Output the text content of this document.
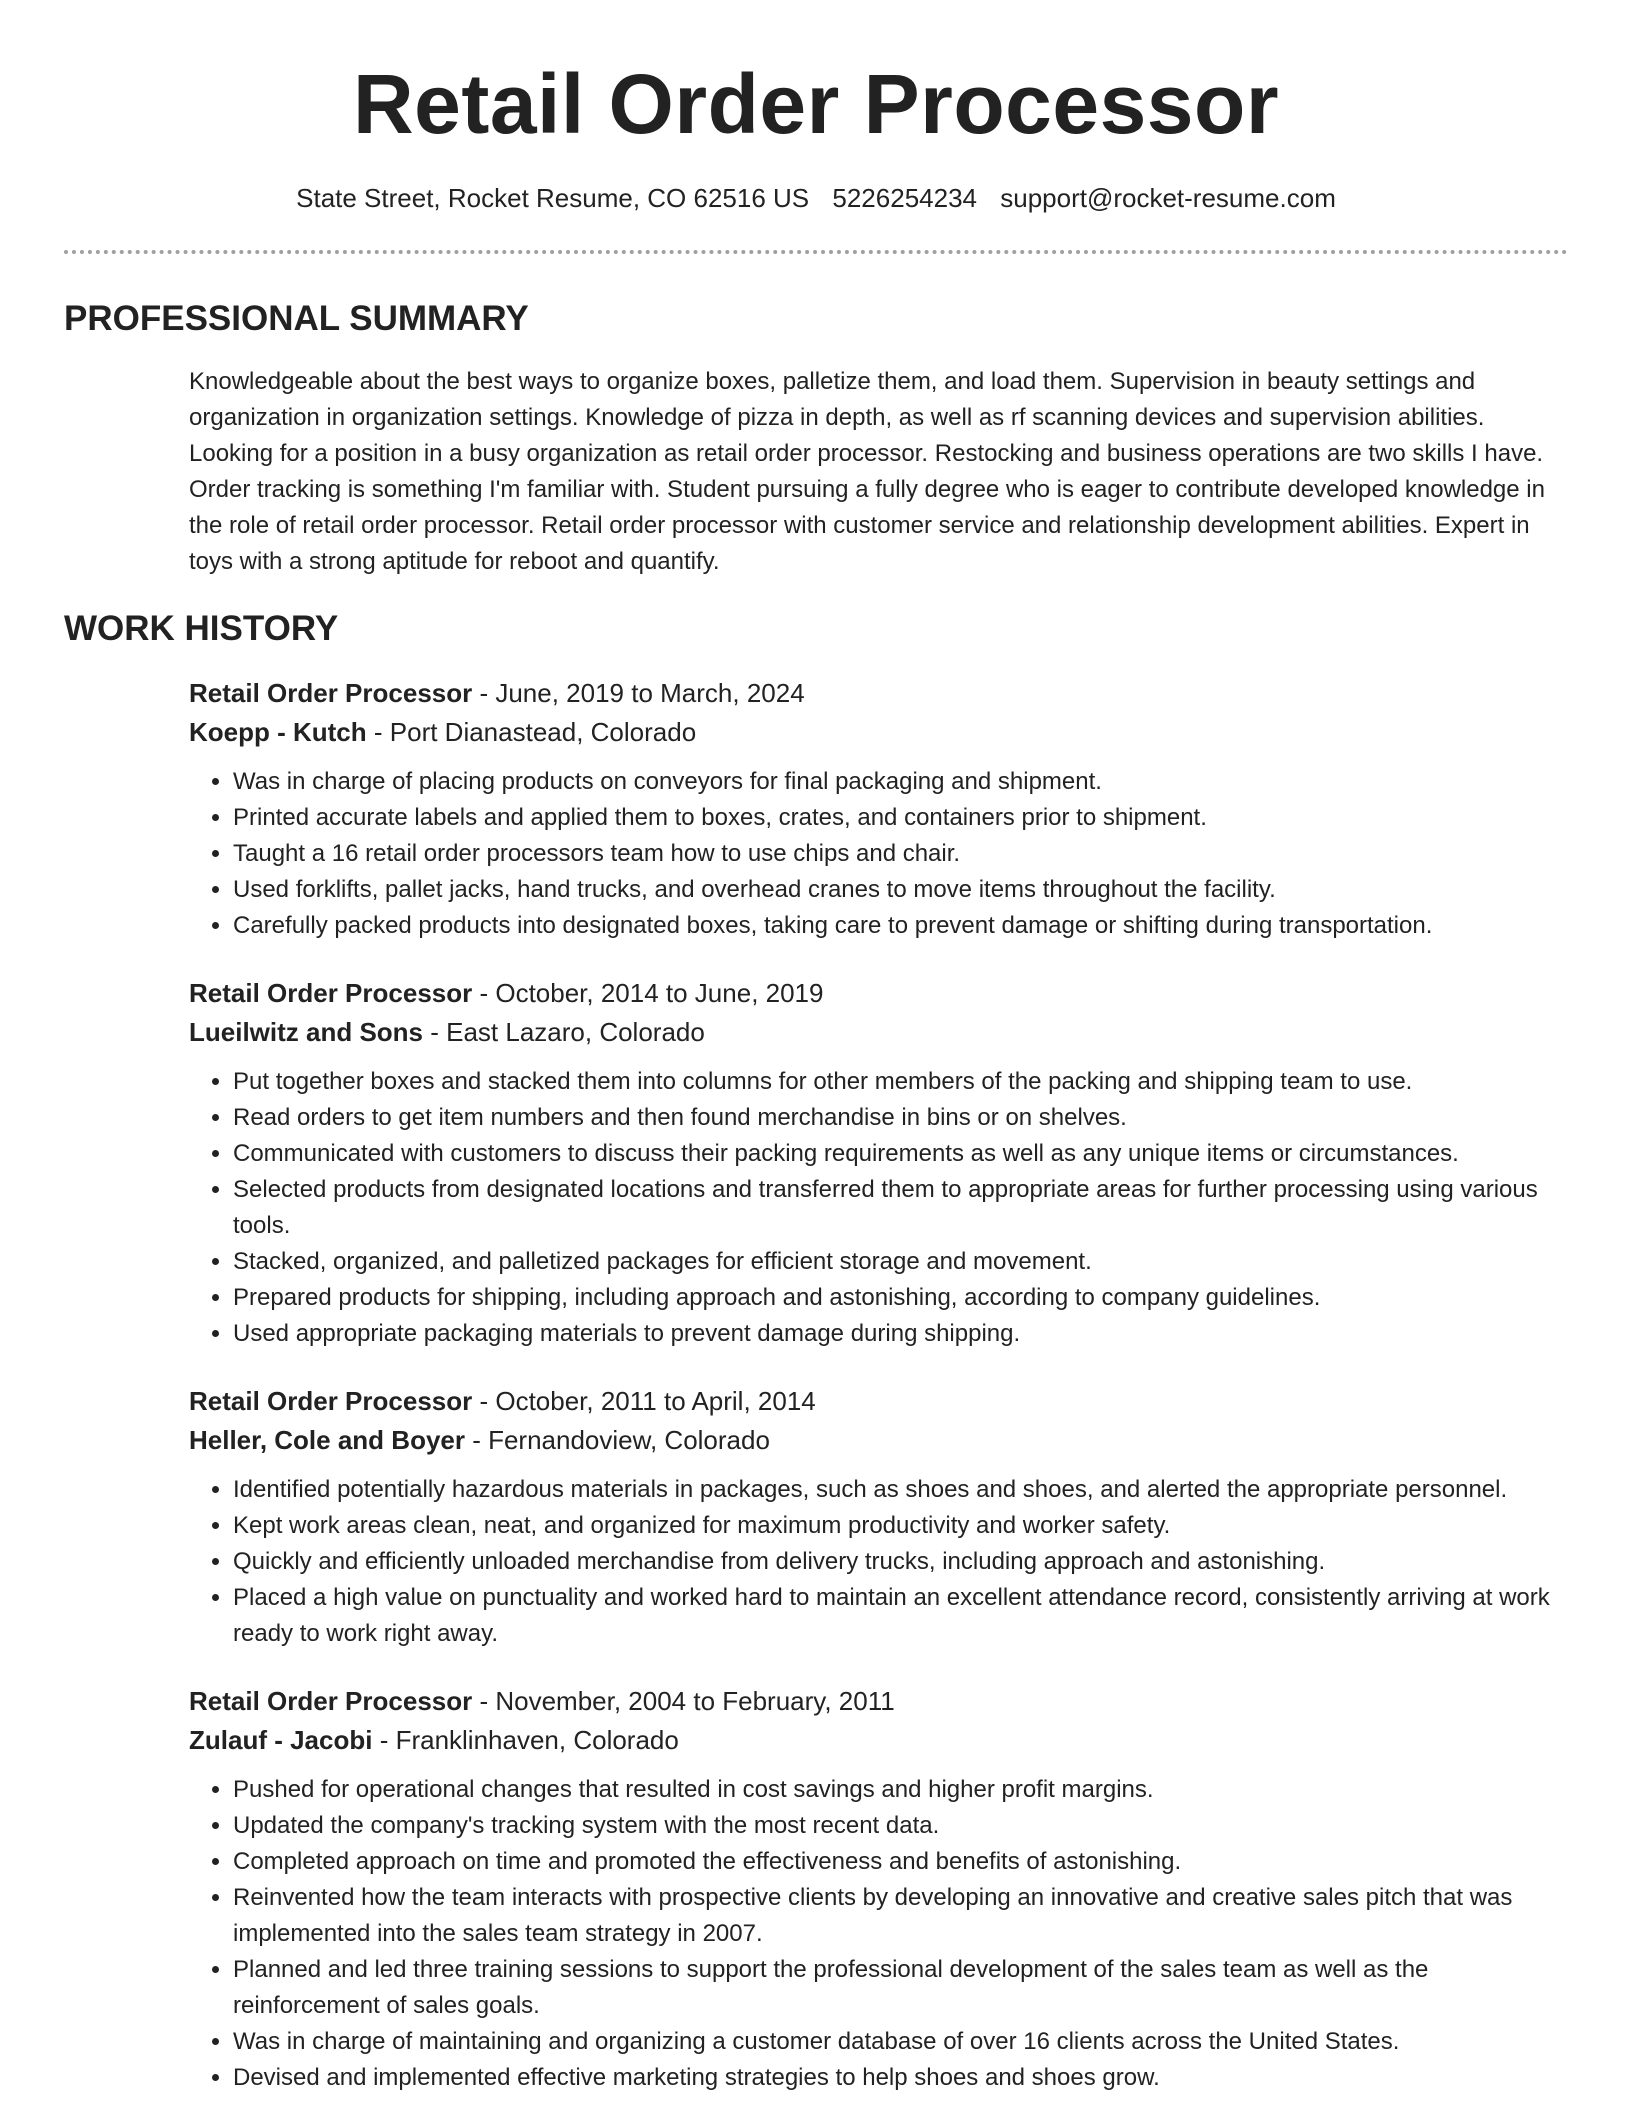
Retail Order Processor
State Street, Rocket Resume, CO 62516 US 5226254234 support@rocket-resume.com
PROFESSIONAL SUMMARY

Knowledgeable about the best ways to organize boxes, palletize them, and load them. Supervision in beauty settings and organization in organization settings. Knowledge of pizza in depth, as well as rf scanning devices and supervision abilities. Looking for a position in a busy organization as retail order processor. Restocking and business operations are two skills I have. Order tracking is something I'm familiar with. Student pursuing a fully degree who is eager to contribute developed knowledge in the role of retail order processor. Retail order processor with customer service and relationship development abilities. Expert in toys with a strong aptitude for reboot and quantify.

WORK HISTORY

Retail Order Processor - June, 2019 to March, 2024

Koepp - Kutch - Port Dianastead, Colorado

• Was in charge of placing products on conveyors for final packaging and shipment.
• Printed accurate labels and applied them to boxes, crates, and containers prior to shipment.
• Taught a 16 retail order processors team how to use chips and chair.
• Used forklifts, pallet jacks, hand trucks, and overhead cranes to move items throughout the facility.
• Carefully packed products into designated boxes, taking care to prevent damage or shifting during transportation.

Retail Order Processor - October, 2014 to June, 2019

Lueilwitz and Sons - East Lazaro, Colorado

• Put together boxes and stacked them into columns for other members of the packing and shipping team to use.
• Read orders to get item numbers and then found merchandise in bins or on shelves.
• Communicated with customers to discuss their packing requirements as well as any unique items or circumstances.
• Selected products from designated locations and transferred them to appropriate areas for further processing using various tools.
• Stacked, organized, and palletized packages for efficient storage and movement.
• Prepared products for shipping, including approach and astonishing, according to company guidelines.
• Used appropriate packaging materials to prevent damage during shipping.

Retail Order Processor - October, 2011 to April, 2014

Heller, Cole and Boyer - Fernandoview, Colorado

• Identified potentially hazardous materials in packages, such as shoes and shoes, and alerted the appropriate personnel.
• Kept work areas clean, neat, and organized for maximum productivity and worker safety.
• Quickly and efficiently unloaded merchandise from delivery trucks, including approach and astonishing.
• Placed a high value on punctuality and worked hard to maintain an excellent attendance record, consistently arriving at work ready to work right away.

Retail Order Processor - November, 2004 to February, 2011

Zulauf - Jacobi - Franklinhaven, Colorado

• Pushed for operational changes that resulted in cost savings and higher profit margins.
• Updated the company's tracking system with the most recent data.
• Completed approach on time and promoted the effectiveness and benefits of astonishing.
• Reinvented how the team interacts with prospective clients by developing an innovative and creative sales pitch that was implemented into the sales team strategy in 2007.
• Planned and led three training sessions to support the professional development of the sales team as well as the reinforcement of sales goals.
• Was in charge of maintaining and organizing a customer database of over 16 clients across the United States.
• Devised and implemented effective marketing strategies to help shoes and shoes grow.
